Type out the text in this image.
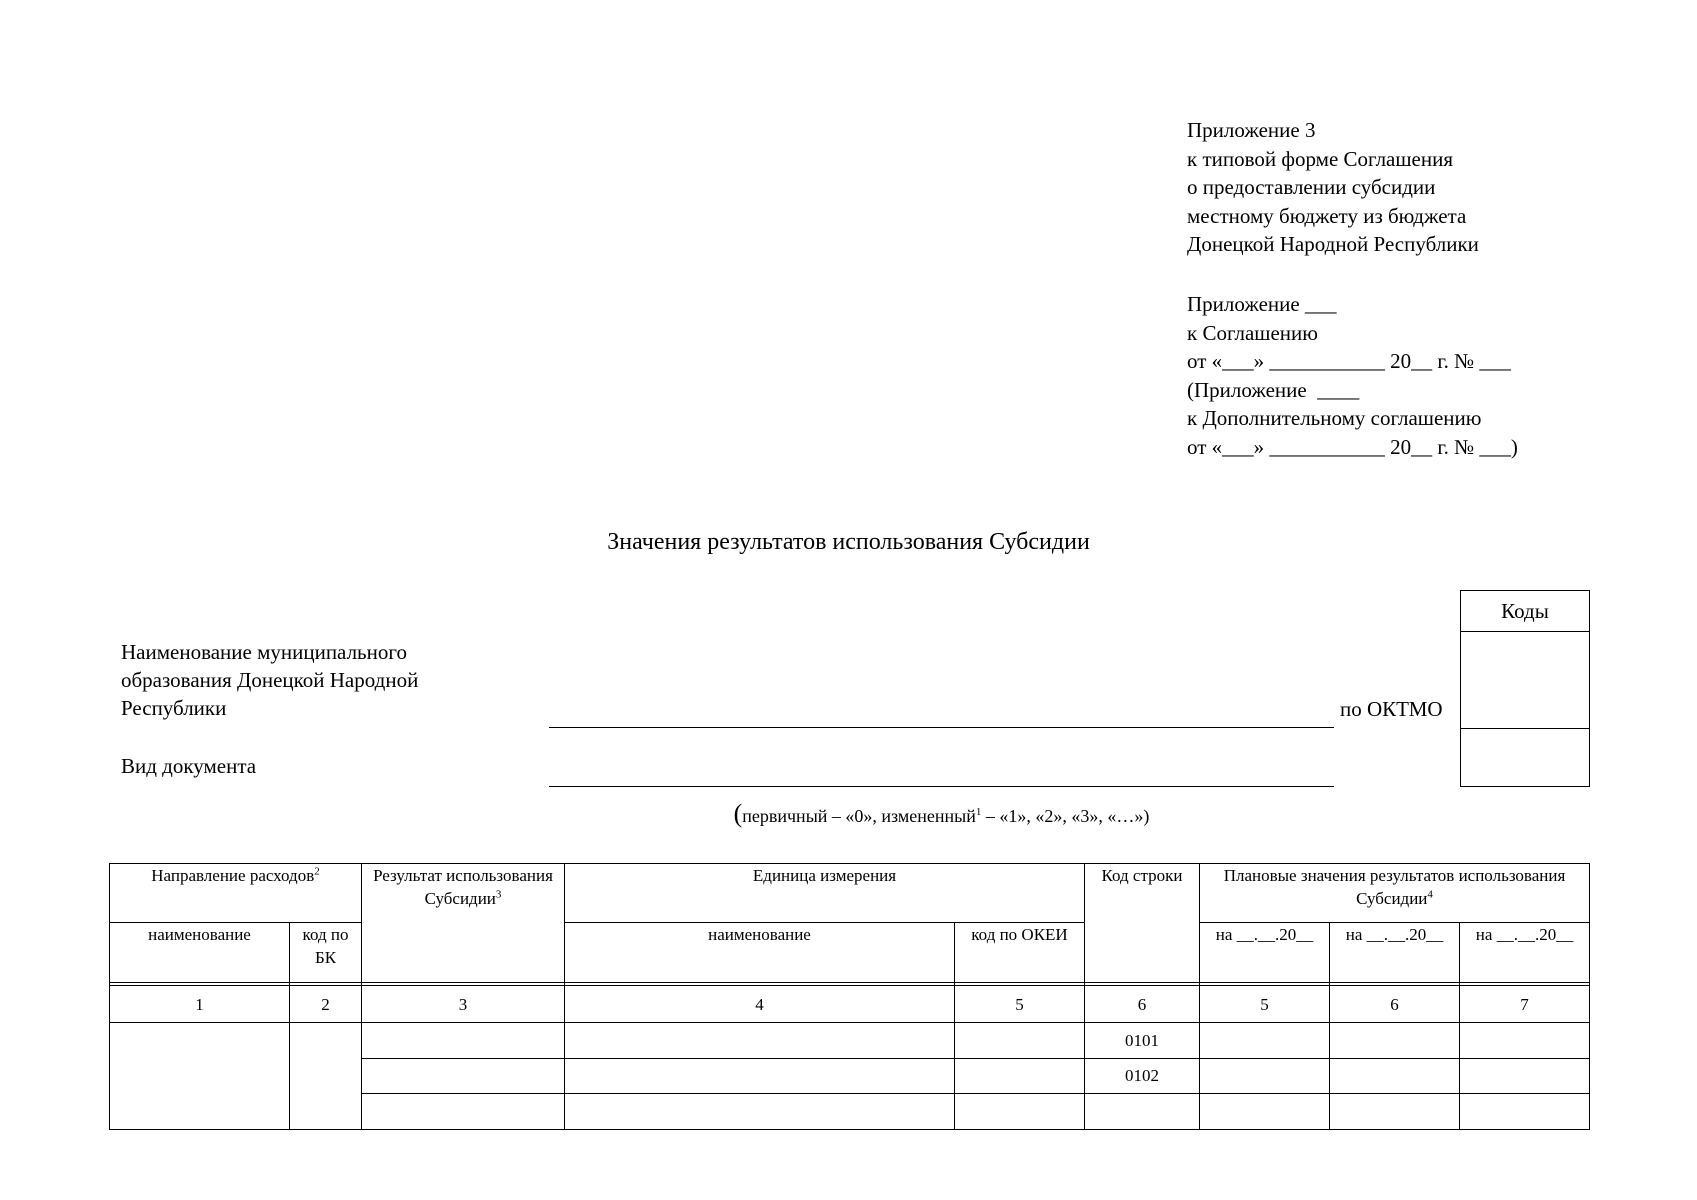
Приложение 3
к типовой форме Соглашения
о предоставлении субсидии
местному бюджету из бюджета
Донецкой Народной Республики
Приложение ___
к Соглашению
от «___» ___________ 20__ г. № ___
(Приложение  ____
к Дополнительному соглашению
от «___» ___________ 20__ г. № ___)
Значения результатов использования Субсидии
Наименование муниципального
образования Донецкой Народной
Республики	по ОКТМО
Вид документа
(первичный – «0», измененный$^1$ – «1», «2», «3», «…»)
Коды
Направление расходов$^2$		Результат использования Субсидии$^3$	Единица измерения		Код строки	Плановые значения результатов использования Субсидии$^4$
наименование	код по БК		наименование	код по ОКЕИ		на __.__.20__	на __.__.20__	на __.__.20__

1	2	3	4	5	6	5	6	7
					0101			
					0102			
